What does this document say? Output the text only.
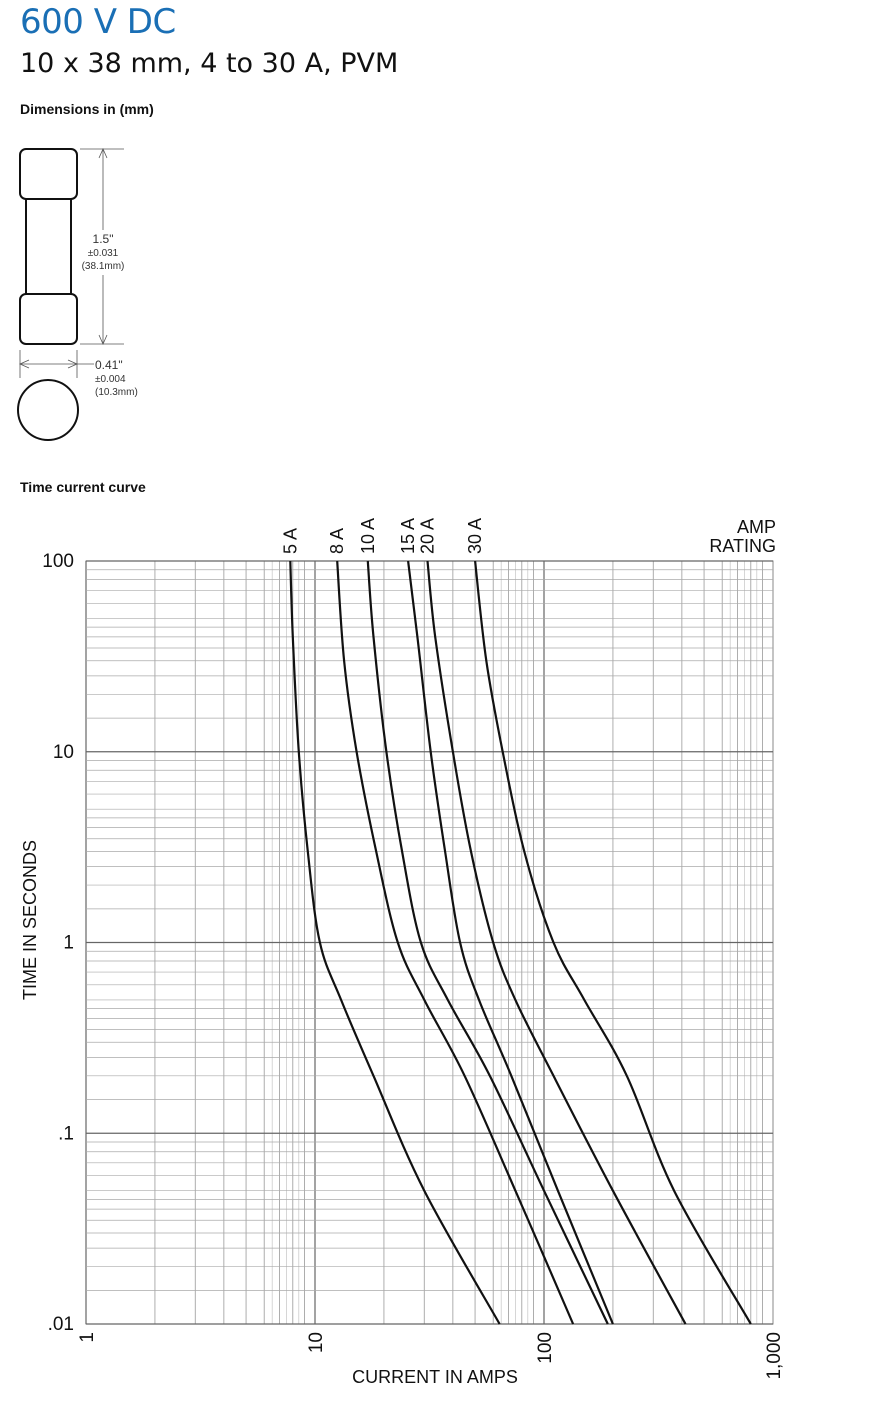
600 V DC
10 x 38 mm, 4 to 30 A, PVM
Dimensions in (mm)
Time current curve
1.5"
±0.031
(38.1mm)
0.41"
±0.004
(10.3mm)
100
10
1
.1
.01
1	10	100	1,000
5 A 8 A 10 A 15 A 20 A 30 A	AMP
RATING
CURRENT IN AMPS
TIME IN SECONDS
